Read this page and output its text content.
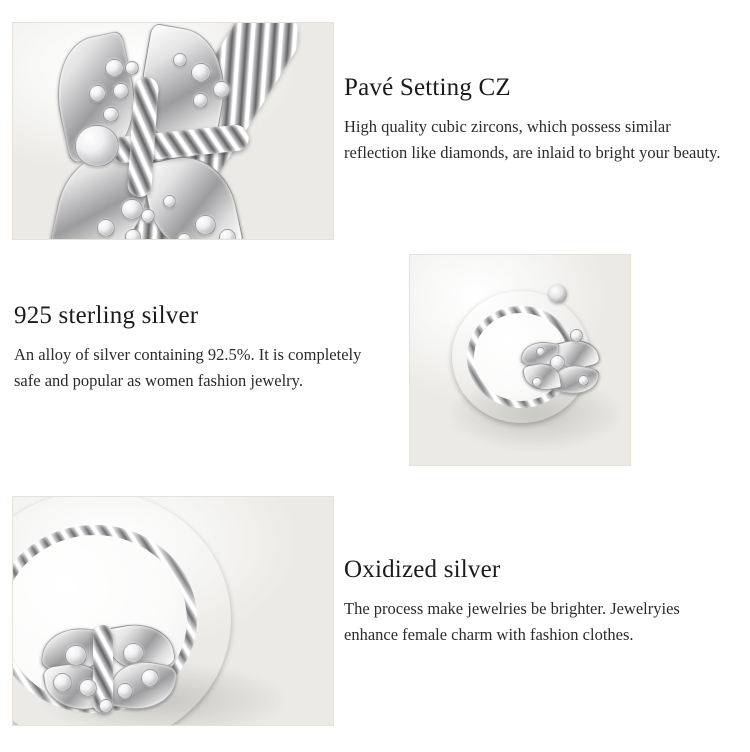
Pavé Setting CZ

High quality cubic zircons, which possess similar reflection like diamonds, are inlaid to bright your beauty.

925 sterling silver

An alloy of silver containing 92.5%. It is completely safe and popular as women fashion jewelry.

Oxidized silver

The process make jewelries be brighter. Jewelryies enhance female charm with fashion clothes.
